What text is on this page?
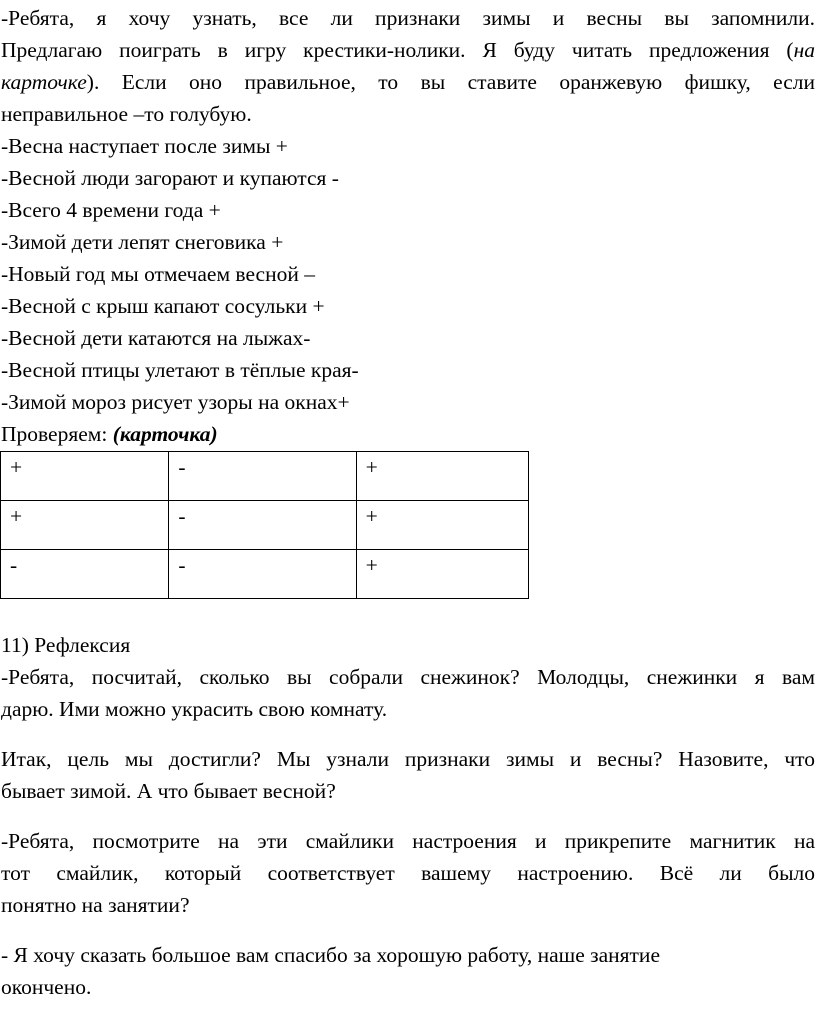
-Ребята, я хочу узнать, все ли признаки зимы и весны вы запомнили.
Предлагаю поиграть в игру крестики-нолики. Я буду читать предложения (на
карточке). Если оно правильное, то вы ставите оранжевую фишку, если
неправильное –то голубую.
-Весна наступает после зимы +
-Весной люди загорают и купаются -
-Всего 4 времени года +
-Зимой дети лепят снеговика +
-Новый год мы отмечаем весной –
-Весной с крыш капают сосульки +
-Весной дети катаются на лыжах-
-Весной птицы улетают в тёплые края-
-Зимой мороз рисует узоры на окнах+
Проверяем: (карточка)
+	-	+
+	-	+
-	-	+
11) Рефлексия
-Ребята, посчитай, сколько вы собрали снежинок? Молодцы, снежинки я вам
дарю. Ими можно украсить свою комнату.
Итак, цель мы достигли? Мы узнали признаки зимы и весны? Назовите, что
бывает зимой. А что бывает весной?
-Ребята, посмотрите на эти смайлики настроения и прикрепите магнитик на
тот смайлик, который соответствует вашему настроению. Всё ли было
понятно на занятии?
- Я хочу сказать большое вам спасибо за хорошую работу, наше занятие
окончено.
